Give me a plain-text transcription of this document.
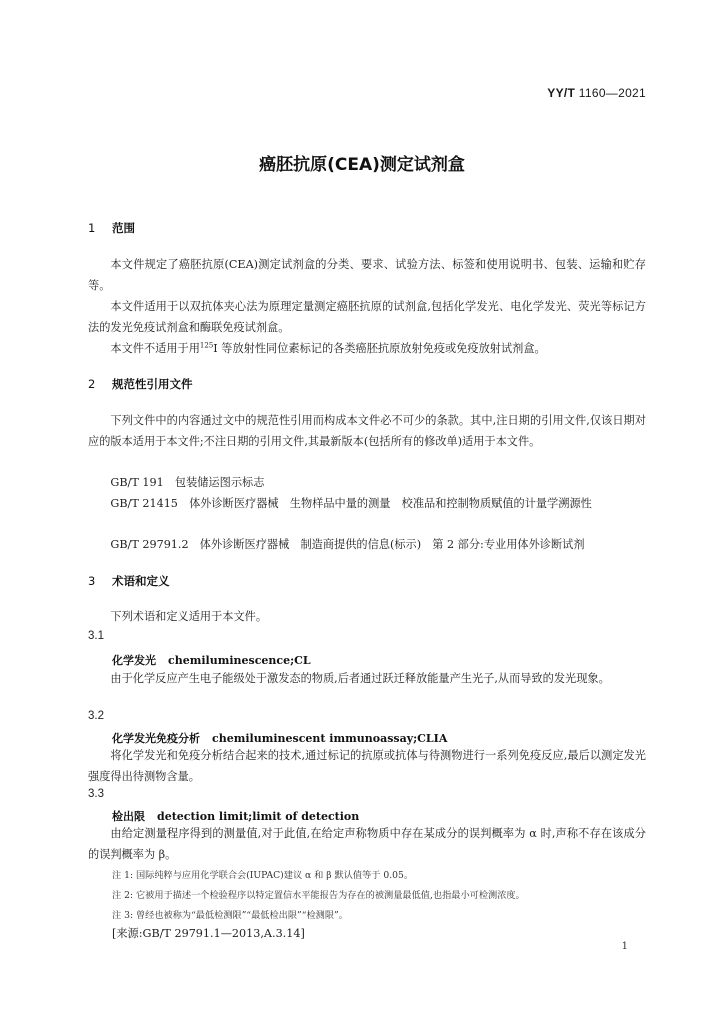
YY/T 1160—2021
癌胚抗原(CEA)测定试剂盒
1 范围
本文件规定了癌胚抗原(CEA)测定试剂盒的分类、要求、试验方法、标签和使用说明书、包装、运输和贮存等。
本文件适用于以双抗体夹心法为原理定量测定癌胚抗原的试剂盒,包括化学发光、电化学发光、荧光等标记方法的发光免疫试剂盒和酶联免疫试剂盒。
本文件不适用于用$^{125}$I 等放射性同位素标记的各类癌胚抗原放射免疫或免疫放射试剂盒。
2 规范性引用文件
下列文件中的内容通过文中的规范性引用而构成本文件必不可少的条款。其中,注日期的引用文件,仅该日期对应的版本适用于本文件;不注日期的引用文件,其最新版本(包括所有的修改单)适用于本文件。
GB/T 191　包装储运图示标志
GB/T 21415　体外诊断医疗器械　生物样品中量的测量　校准品和控制物质赋值的计量学溯源性
GB/T 29791.2　体外诊断医疗器械　制造商提供的信息(标示)　第 2 部分:专业用体外诊断试剂
3 术语和定义
下列术语和定义适用于本文件。
3.1
化学发光 chemiluminescence;CL
由于化学反应产生电子能级处于激发态的物质,后者通过跃迁释放能量产生光子,从而导致的发光现象。
3.2
化学发光免疫分析 chemiluminescent immunoassay;CLIA
将化学发光和免疫分析结合起来的技术,通过标记的抗原或抗体与待测物进行一系列免疫反应,最后以测定发光强度得出待测物含量。
3.3
检出限 detection limit;limit of detection
由给定测量程序得到的测量值,对于此值,在给定声称物质中存在某成分的误判概率为 α 时,声称不存在该成分的误判概率为 β。
注 1: 国际纯粹与应用化学联合会(IUPAC)建议 α 和 β 默认值等于 0.05。
注 2: 它被用于描述一个检验程序以特定置信水平能报告为存在的被测量最低值,也指最小可检测浓度。
注 3: 曾经也被称为“最低检测限”“最低检出限”“检测限”。
[来源:GB/T 29791.1—2013,A.3.14]
1
